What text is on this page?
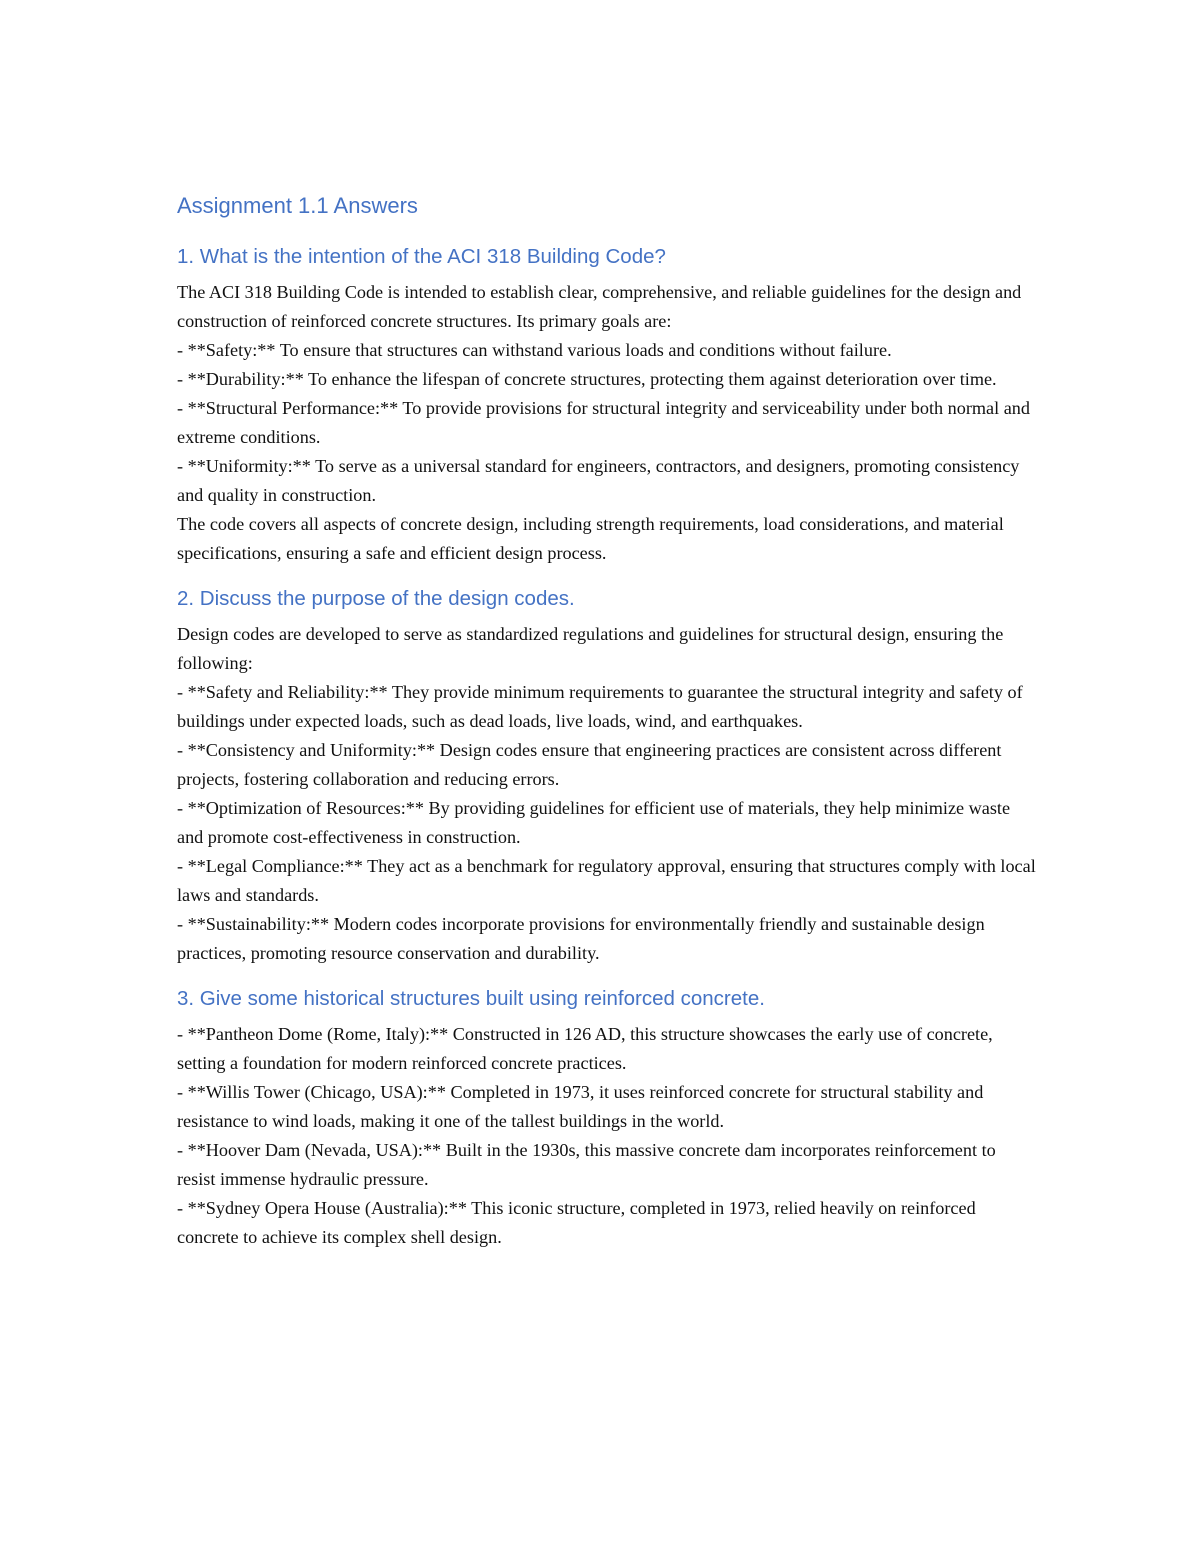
Assignment 1.1 Answers
1. What is the intention of the ACI 318 Building Code?

The ACI 318 Building Code is intended to establish clear, comprehensive, and reliable guidelines for the design and construction of reinforced concrete structures. Its primary goals are:

- **Safety:** To ensure that structures can withstand various loads and conditions without failure.

- **Durability:** To enhance the lifespan of concrete structures, protecting them against deterioration over time.

- **Structural Performance:** To provide provisions for structural integrity and serviceability under both normal and extreme conditions.

- **Uniformity:** To serve as a universal standard for engineers, contractors, and designers, promoting consistency and quality in construction.

The code covers all aspects of concrete design, including strength requirements, load considerations, and material specifications, ensuring a safe and efficient design process.

2. Discuss the purpose of the design codes.

Design codes are developed to serve as standardized regulations and guidelines for structural design, ensuring the following:

- **Safety and Reliability:** They provide minimum requirements to guarantee the structural integrity and safety of buildings under expected loads, such as dead loads, live loads, wind, and earthquakes.

- **Consistency and Uniformity:** Design codes ensure that engineering practices are consistent across different projects, fostering collaboration and reducing errors.

- **Optimization of Resources:** By providing guidelines for efficient use of materials, they help minimize waste and promote cost-effectiveness in construction.

- **Legal Compliance:** They act as a benchmark for regulatory approval, ensuring that structures comply with local laws and standards.

- **Sustainability:** Modern codes incorporate provisions for environmentally friendly and sustainable design practices, promoting resource conservation and durability.

3. Give some historical structures built using reinforced concrete.

- **Pantheon Dome (Rome, Italy):** Constructed in 126 AD, this structure showcases the early use of concrete, setting a foundation for modern reinforced concrete practices.

- **Willis Tower (Chicago, USA):** Completed in 1973, it uses reinforced concrete for structural stability and resistance to wind loads, making it one of the tallest buildings in the world.

- **Hoover Dam (Nevada, USA):** Built in the 1930s, this massive concrete dam incorporates reinforcement to resist immense hydraulic pressure.

- **Sydney Opera House (Australia):** This iconic structure, completed in 1973, relied heavily on reinforced concrete to achieve its complex shell design.
